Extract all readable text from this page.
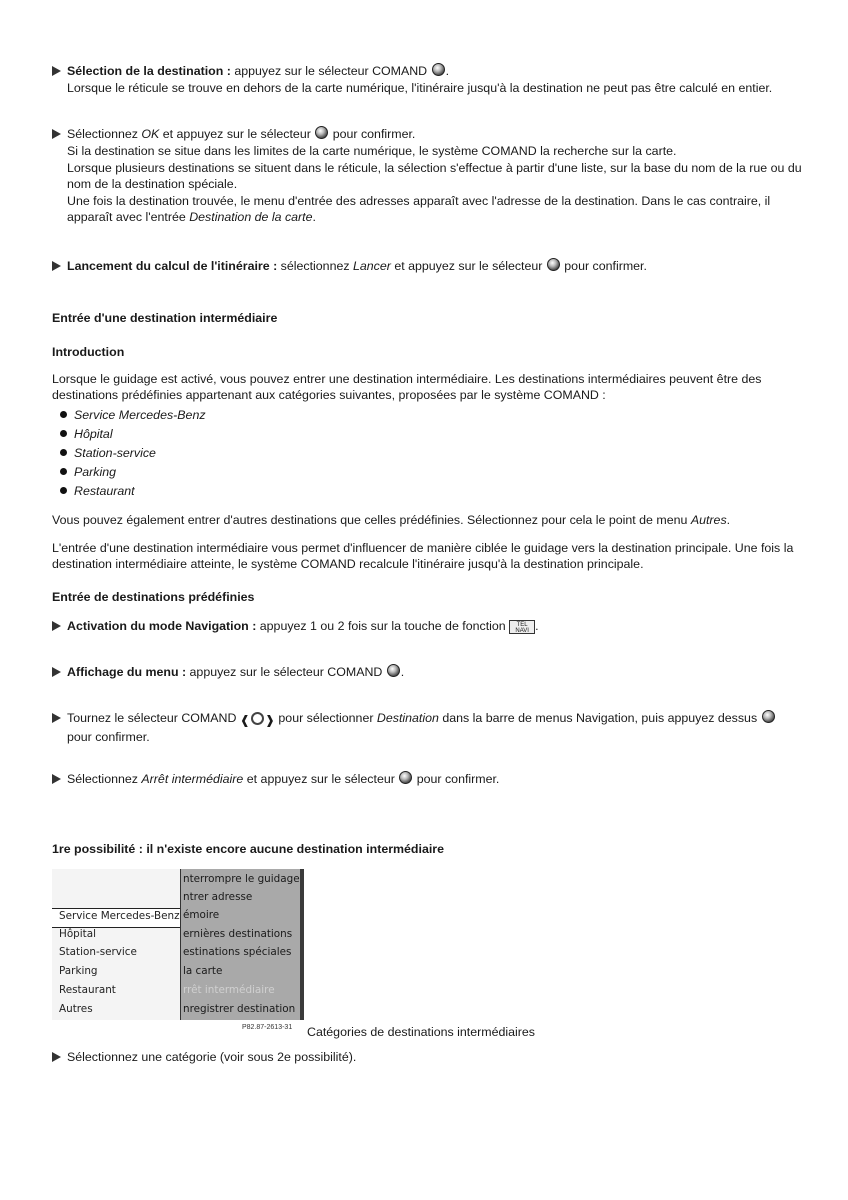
Sélection de la destination : appuyez sur le sélecteur COMAND .

Lorsque le réticule se trouve en dehors de la carte numérique, l'itinéraire jusqu'à la destination ne peut pas être calculé en entier.

Sélectionnez OK et appuyez sur le sélecteur  pour confirmer.

Si la destination se situe dans les limites de la carte numérique, le système COMAND la recherche sur la carte.

Lorsque plusieurs destinations se situent dans le réticule, la sélection s'effectue à partir d'une liste, sur la base du nom de la rue ou du nom de la destination spéciale.

Une fois la destination trouvée, le menu d'entrée des adresses apparaît avec l'adresse de la destination. Dans le cas contraire, il apparaît avec l'entrée Destination de la carte.

Lancement du calcul de l'itinéraire : sélectionnez Lancer et appuyez sur le sélecteur  pour confirmer.

Entrée d'une destination intermédiaire
Introduction
Lorsque le guidage est activé, vous pouvez entrer une destination intermédiaire. Les destinations intermédiaires peuvent être des destinations prédéfinies appartenant aux catégories suivantes, proposées par le système COMAND :
Service Mercedes-Benz
Hôpital
Station-service
Parking
Restaurant
Vous pouvez également entrer d'autres destinations que celles prédéfinies. Sélectionnez pour cela le point de menu Autres.
L'entrée d'une destination intermédiaire vous permet d'influencer de manière ciblée le guidage vers la destination principale. Une fois la destination intermédiaire atteinte, le système COMAND recalcule l'itinéraire jusqu'à la destination principale.
Entrée de destinations prédéfinies

Activation du mode Navigation : appuyez 1 ou 2 fois sur la touche de fonction TEL NAVI .

Affichage du menu : appuyez sur le sélecteur COMAND .

Tournez le sélecteur COMAND ❰ ❱ pour sélectionner Destination dans la barre de menus Navigation, puis appuyez dessus

pour confirmer.

Sélectionnez Arrêt intermédiaire et appuyez sur le sélecteur  pour confirmer.

1re possibilité : il n'existe encore aucune destination intermédiaire
Service Mercedes-Benz
Hôpital
Station-service
Parking
Restaurant
Autres
nterrompre le guidage
ntrer adresse
émoire
ernières destinations
estinations spéciales
la carte
rrêt intermédiaire
nregistrer destination
P82.87-2613-31 Catégories de destinations intermédiaires

Sélectionnez une catégorie (voir sous 2e possibilité).
